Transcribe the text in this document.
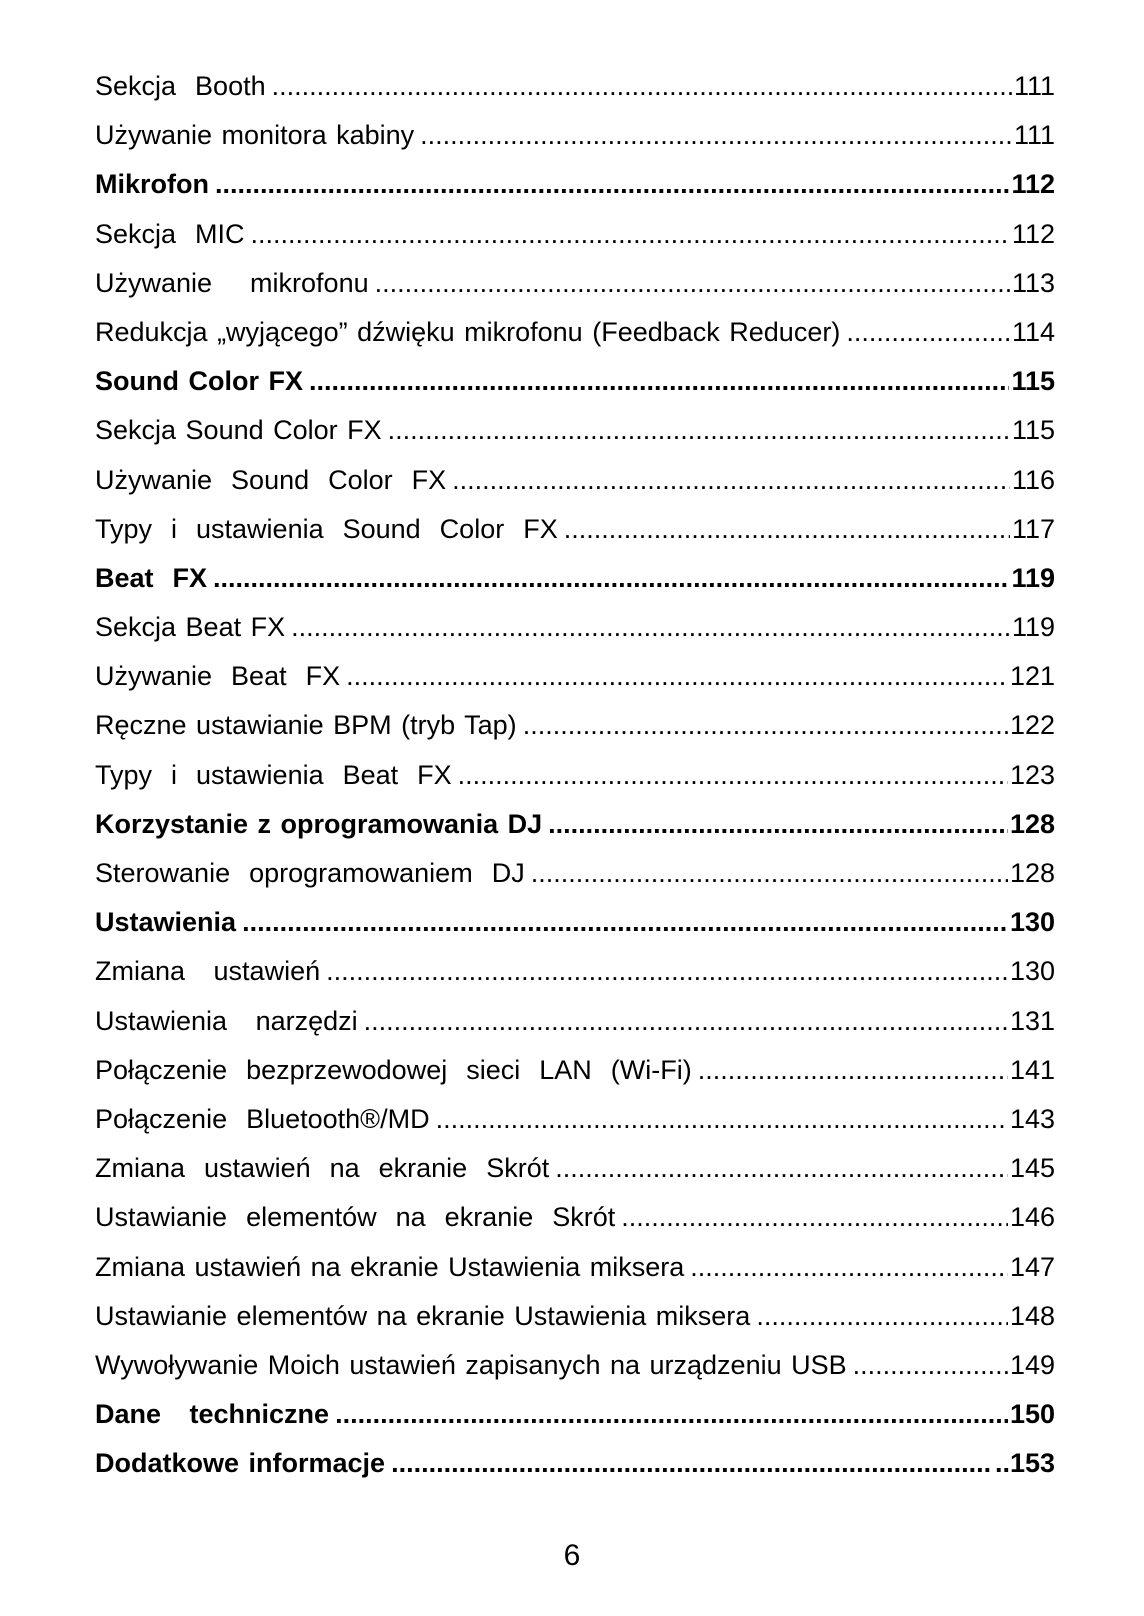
Sekcja  Booth .....	111
Używanie monitora kabiny .....	111
Mikrofon .....	112
Sekcja  MIC .....	112
Używanie    mikrofonu .....	113
Redukcja „wyjącego” dźwięku mikrofonu (Feedback Reducer) .....	114
Sound Color FX .....	115
Sekcja Sound Color FX .....	115
Używanie  Sound  Color  FX .....	116
Typy  i  ustawienia  Sound  Color  FX .....	117
Beat  FX .....	119
Sekcja Beat FX .....	119
Używanie  Beat  FX .....	121
Ręczne ustawianie BPM (tryb Tap) .....	122
Typy  i  ustawienia  Beat  FX .....	123
Korzystanie z oprogramowania DJ .....	128
Sterowanie  oprogramowaniem  DJ .....	128
Ustawienia .....	130
Zmiana   ustawień .....	130
Ustawienia   narzędzi .....	131
Połączenie  bezprzewodowej  sieci  LAN  (Wi-Fi) .....	141
Połączenie  Bluetooth®/MD .....	143
Zmiana  ustawień  na  ekranie  Skrót .....	145
Ustawianie  elementów  na  ekranie  Skrót .....	146
Zmiana ustawień na ekranie Ustawienia miksera .....	147
Ustawianie elementów na ekranie Ustawienia miksera .....	148
Wywoływanie Moich ustawień zapisanych na urządzeniu USB .....	149
Dane   techniczne .....	150
Dodatkowe informacje .....	..153
6
